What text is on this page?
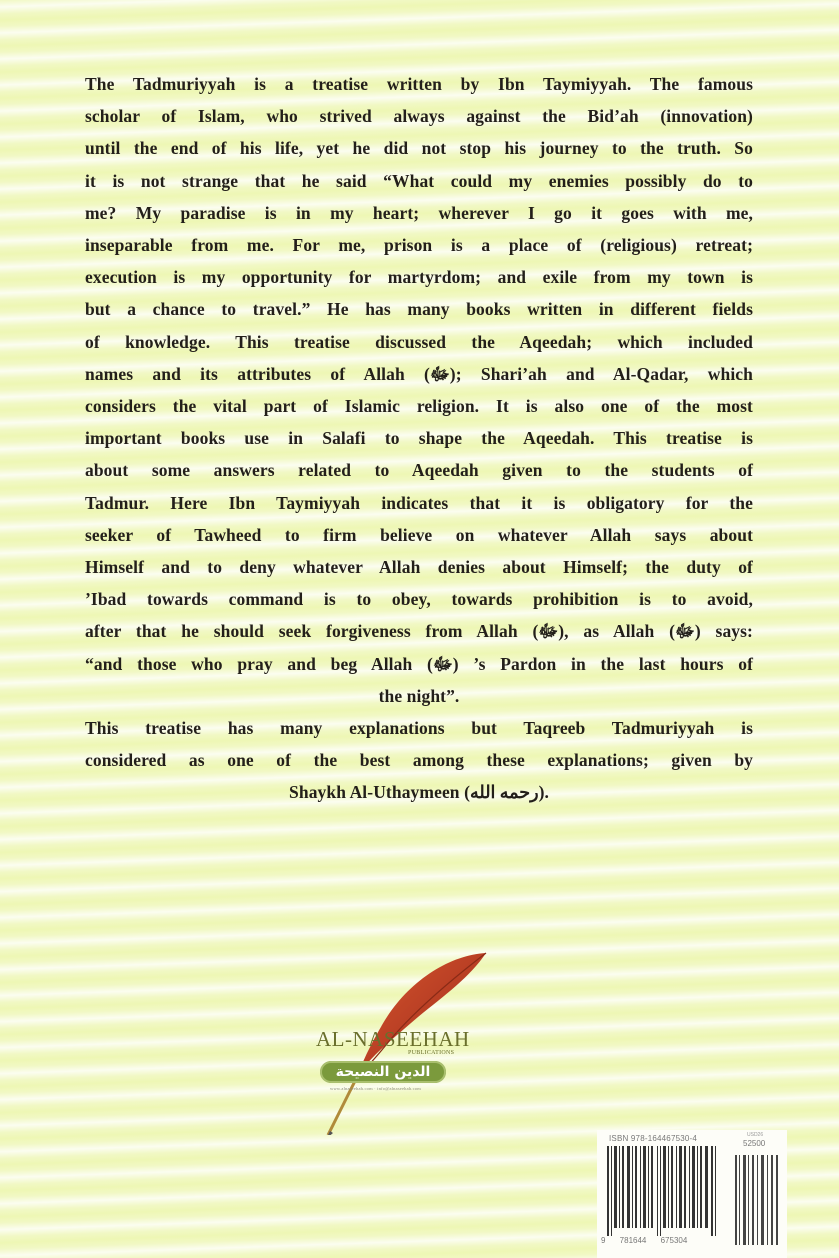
The Tadmuriyyah is a treatise written by Ibn Taymiyyah. The famous
scholar of Islam, who strived always against the Bid’ah (innovation)
until the end of his life, yet he did not stop his journey to the truth. So
it is not strange that he said “What could my enemies possibly do to
me? My paradise is in my heart; wherever I go it goes with me,
inseparable from me. For me, prison is a place of (religious) retreat;
execution is my opportunity for martyrdom; and exile from my town is
but a chance to travel.” He has many books written in different fields
of knowledge. This treatise discussed the Aqeedah; which included
names and its attributes of Allah (ﷻ); Shari’ah and Al-Qadar, which
considers the vital part of Islamic religion. It is also one of the most
important books use in Salafi to shape the Aqeedah. This treatise is
about some answers related to Aqeedah given to the students of
Tadmur. Here Ibn Taymiyyah indicates that it is obligatory for the
seeker of Tawheed to firm believe on whatever Allah says about
Himself and to deny whatever Allah denies about Himself; the duty of
’Ibad towards command is to obey, towards prohibition is to avoid,
after that he should seek forgiveness from Allah (ﷻ), as Allah (ﷻ) says:
“and those who pray and beg Allah (ﷻ) ’s Pardon in the last hours of
the night”.
This treatise has many explanations but Taqreeb Tadmuriyyah is
considered as one of the best among these explanations; given by
Shaykh Al-Uthaymeen (رحمه الله).
AL-NASEEHAH
PUBLICATIONS
الدين النصيحة
www.alnaseehah.com · info@alnaseehah.com
ISBN 978-164467530-4	USD26
52500
9 781644 675304
